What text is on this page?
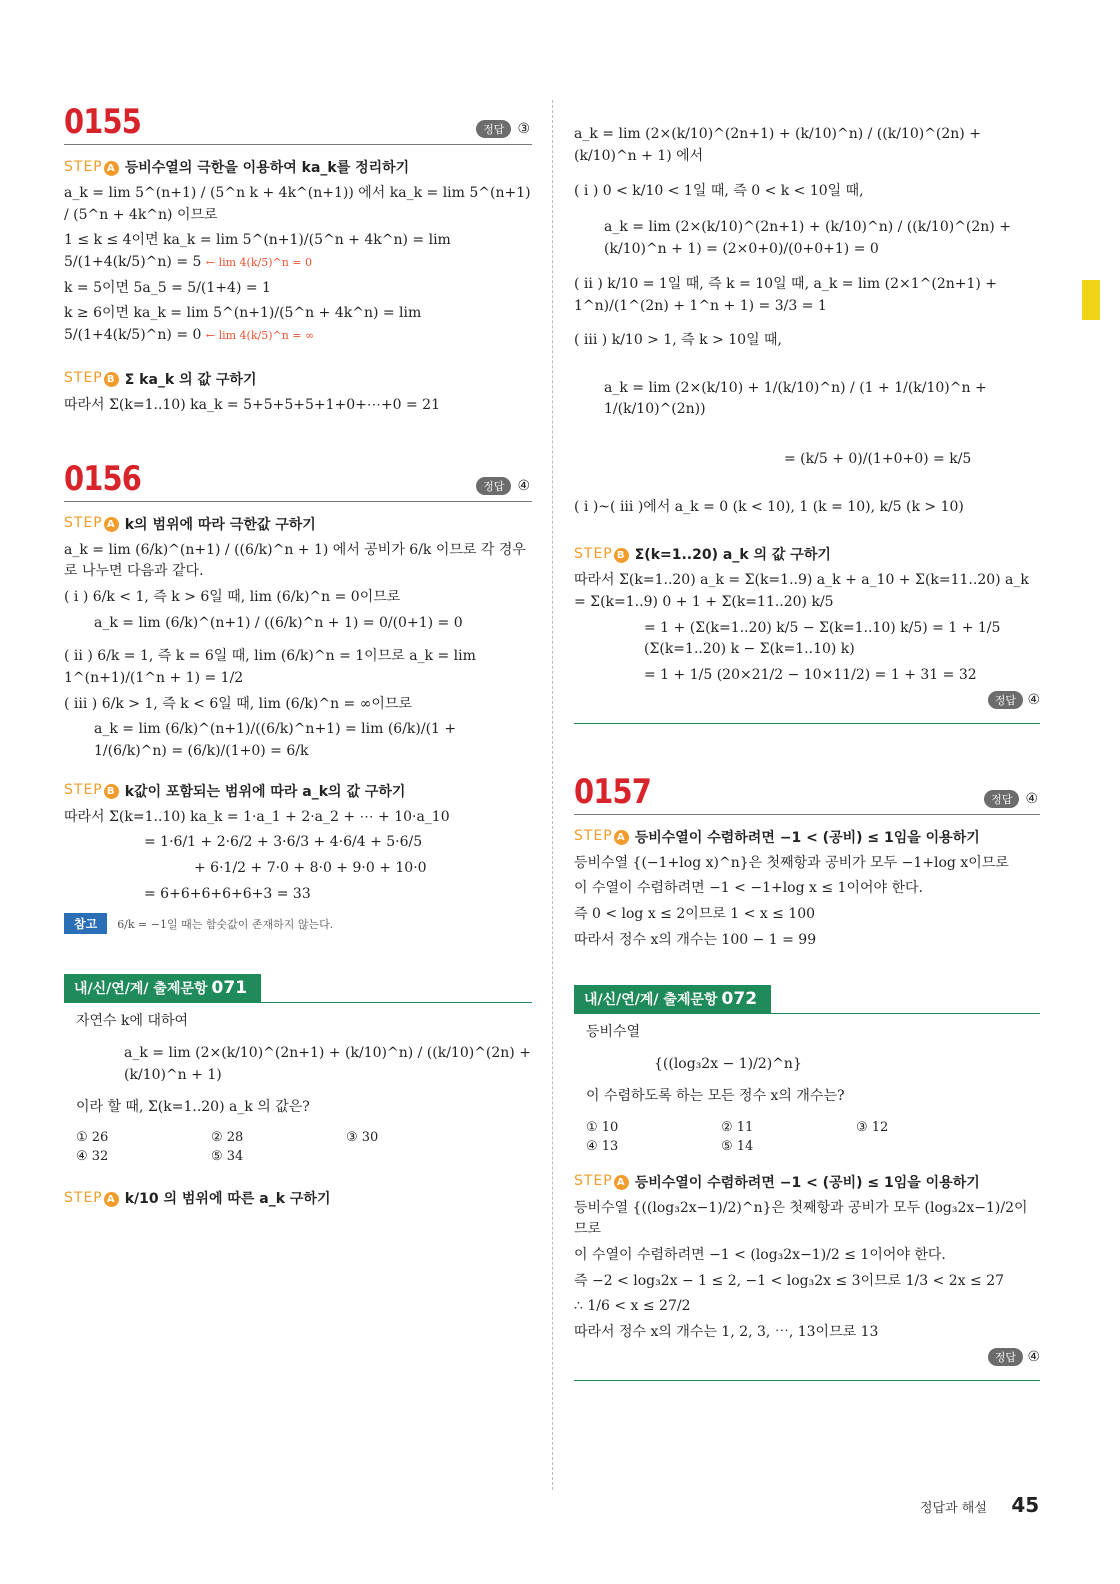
0155	정답 ③
STEP A 등비수열의 극한을 이용하여 ka_k를 정리하기
a_k = lim 5^(n+1) / (5^n k + 4k^(n+1)) 에서 ka_k = lim 5^(n+1) / (5^n + 4k^n) 이므로
1 ≤ k ≤ 4이면 ka_k = lim 5^(n+1)/(5^n + 4k^n) = lim 5/(1+4(k/5)^n) = 5 ← lim 4(k/5)^n = 0
k = 5이면 5a_5 = 5/(1+4) = 1
k ≥ 6이면 ka_k = lim 5^(n+1)/(5^n + 4k^n) = lim 5/(1+4(k/5)^n) = 0 ← lim 4(k/5)^n = ∞
STEP B Σ ka_k 의 값 구하기
따라서 Σ(k=1..10) ka_k = 5+5+5+5+1+0+⋯+0 = 21
0156	정답 ④
STEP A k의 범위에 따라 극한값 구하기
a_k = lim (6/k)^(n+1) / ((6/k)^n + 1) 에서 공비가 6/k 이므로 각 경우로 나누면 다음과 같다.
( i ) 6/k < 1, 즉 k > 6일 때, lim (6/k)^n = 0이므로
a_k = lim (6/k)^(n+1) / ((6/k)^n + 1) = 0/(0+1) = 0
( ii ) 6/k = 1, 즉 k = 6일 때, lim (6/k)^n = 1이므로 a_k = lim 1^(n+1)/(1^n + 1) = 1/2
( iii ) 6/k > 1, 즉 k < 6일 때, lim (6/k)^n = ∞이므로
a_k = lim (6/k)^(n+1)/((6/k)^n+1) = lim (6/k)/(1 + 1/(6/k)^n) = (6/k)/(1+0) = 6/k
STEP B k값이 포함되는 범위에 따라 a_k의 값 구하기
따라서 Σ(k=1..10) ka_k = 1·a_1 + 2·a_2 + ⋯ + 10·a_10
= 1·6/1 + 2·6/2 + 3·6/3 + 4·6/4 + 5·6/5
+ 6·1/2 + 7·0 + 8·0 + 9·0 + 10·0
= 6+6+6+6+6+3 = 33
참고	6/k = −1일 때는 함숫값이 존재하지 않는다.
내/신/연/계/ 출제문항 071
자연수 k에 대하여
a_k = lim (2×(k/10)^(2n+1) + (k/10)^n) / ((k/10)^(2n) + (k/10)^n + 1)
이라 할 때, Σ(k=1..20) a_k 의 값은?
① 26	② 28	③ 30
④ 32	⑤ 34
STEP A k/10 의 범위에 따른 a_k 구하기
a_k = lim (2×(k/10)^(2n+1) + (k/10)^n) / ((k/10)^(2n) + (k/10)^n + 1) 에서
( i ) 0 < k/10 < 1일 때, 즉 0 < k < 10일 때,
a_k = lim (2×(k/10)^(2n+1) + (k/10)^n) / ((k/10)^(2n) + (k/10)^n + 1) = (2×0+0)/(0+0+1) = 0
( ii ) k/10 = 1일 때, 즉 k = 10일 때, a_k = lim (2×1^(2n+1) + 1^n)/(1^(2n) + 1^n + 1) = 3/3 = 1
( iii ) k/10 > 1, 즉 k > 10일 때,
a_k = lim (2×(k/10) + 1/(k/10)^n) / (1 + 1/(k/10)^n + 1/(k/10)^(2n))
= (k/5 + 0)/(1+0+0) = k/5
( i )~( iii )에서 a_k = 0 (k < 10), 1 (k = 10), k/5 (k > 10)
STEP B Σ(k=1..20) a_k 의 값 구하기
따라서 Σ(k=1..20) a_k = Σ(k=1..9) a_k + a_10 + Σ(k=11..20) a_k = Σ(k=1..9) 0 + 1 + Σ(k=11..20) k/5
= 1 + (Σ(k=1..20) k/5 − Σ(k=1..10) k/5) = 1 + 1/5 (Σ(k=1..20) k − Σ(k=1..10) k)
= 1 + 1/5 (20×21/2 − 10×11/2) = 1 + 31 = 32
정답 ④
0157	정답 ④
STEP A 등비수열이 수렴하려면 −1 < (공비) ≤ 1임을 이용하기
등비수열 {(−1+log x)^n}은 첫째항과 공비가 모두 −1+log x이므로
이 수열이 수렴하려면 −1 < −1+log x ≤ 1이어야 한다.
즉 0 < log x ≤ 2이므로 1 < x ≤ 100
따라서 정수 x의 개수는 100 − 1 = 99
내/신/연/계/ 출제문항 072
등비수열
{((log₃2x − 1)/2)^n}
이 수렴하도록 하는 모든 정수 x의 개수는?
① 10	② 11	③ 12
④ 13	⑤ 14
STEP A 등비수열이 수렴하려면 −1 < (공비) ≤ 1임을 이용하기
등비수열 {((log₃2x−1)/2)^n}은 첫째항과 공비가 모두 (log₃2x−1)/2이므로
이 수열이 수렴하려면 −1 < (log₃2x−1)/2 ≤ 1이어야 한다.
즉 −2 < log₃2x − 1 ≤ 2, −1 < log₃2x ≤ 3이므로 1/3 < 2x ≤ 27
∴ 1/6 < x ≤ 27/2
따라서 정수 x의 개수는 1, 2, 3, ⋯, 13이므로 13
정답 ④
정답과 해설 45
